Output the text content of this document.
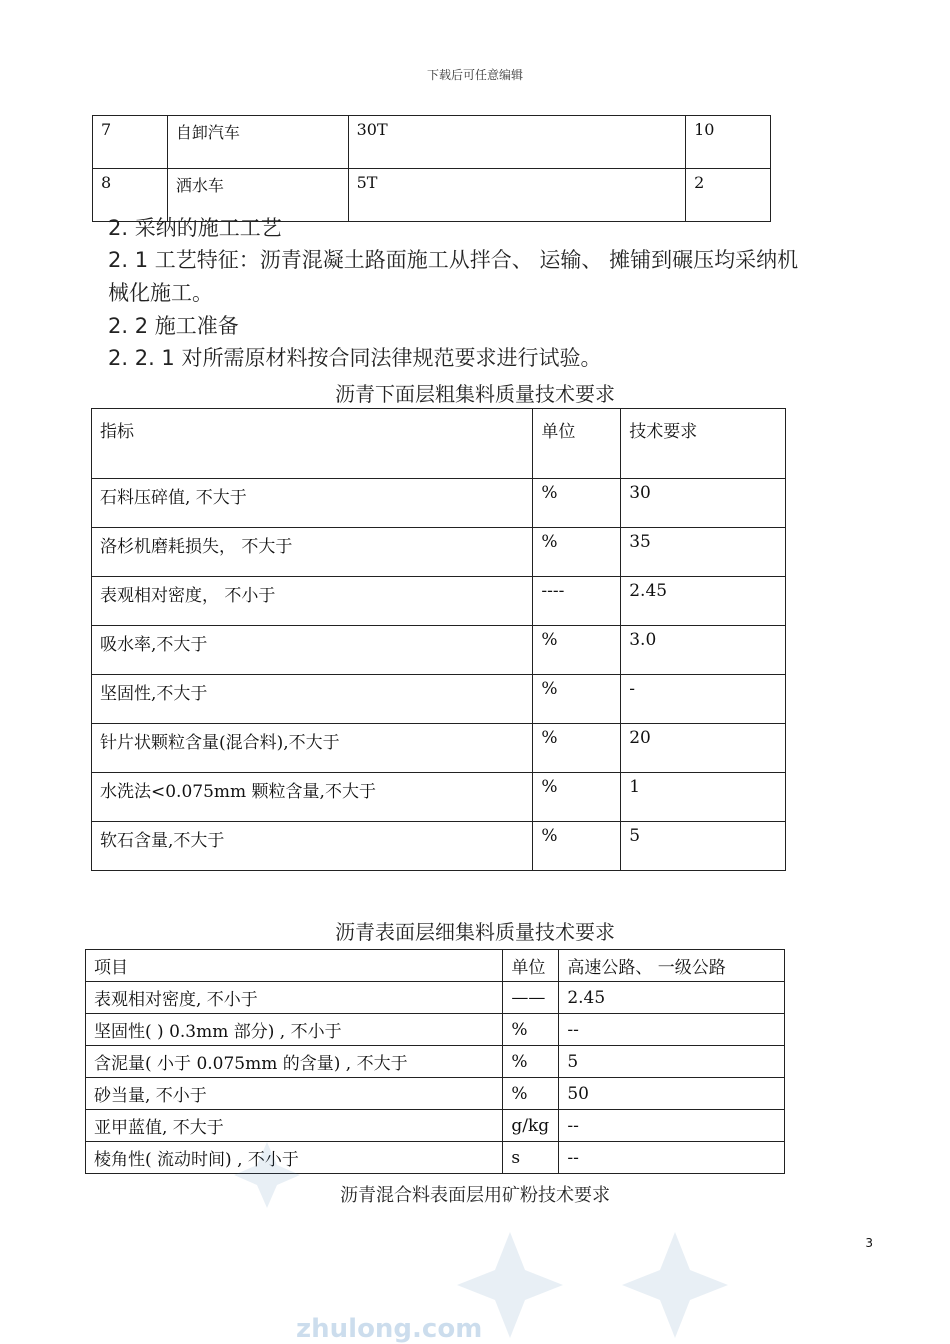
下载后可任意编辑
7	自卸汽车	30T	10
8	洒水车	5T	2
2. 采纳的施工工艺
2. 1 工艺特征：沥青混凝土路面施工从拌合、 运输、 摊铺到碾压均采纳机
械化施工。
2. 2 施工准备
2. 2. 1 对所需原材料按合同法律规范要求进行试验。
沥青下面层粗集料质量技术要求
指标	单位	技术要求
石料压碎值, 不大于	%	30
洛杉机磨耗损失， 不大于	%	35
表观相对密度， 不小于	----	2.45
吸水率,不大于	%	3.0
坚固性,不大于	%	-
针片状颗粒含量(混合料),不大于	%	20
水洗法<0.075mm 颗粒含量,不大于	%	1
软石含量,不大于	%	5
沥青表面层细集料质量技术要求
项目	单位	高速公路、 一级公路
表观相对密度, 不小于	——	2.45
坚固性( ) 0.3mm 部分) , 不小于	%	--
含泥量( 小于 0.075mm 的含量) , 不大于	%	5
砂当量, 不小于	%	50
亚甲蓝值, 不大于	g/kg	--
棱角性( 流动时间) , 不小于	s	--
沥青混合料表面层用矿粉技术要求
3
zhulong.com
